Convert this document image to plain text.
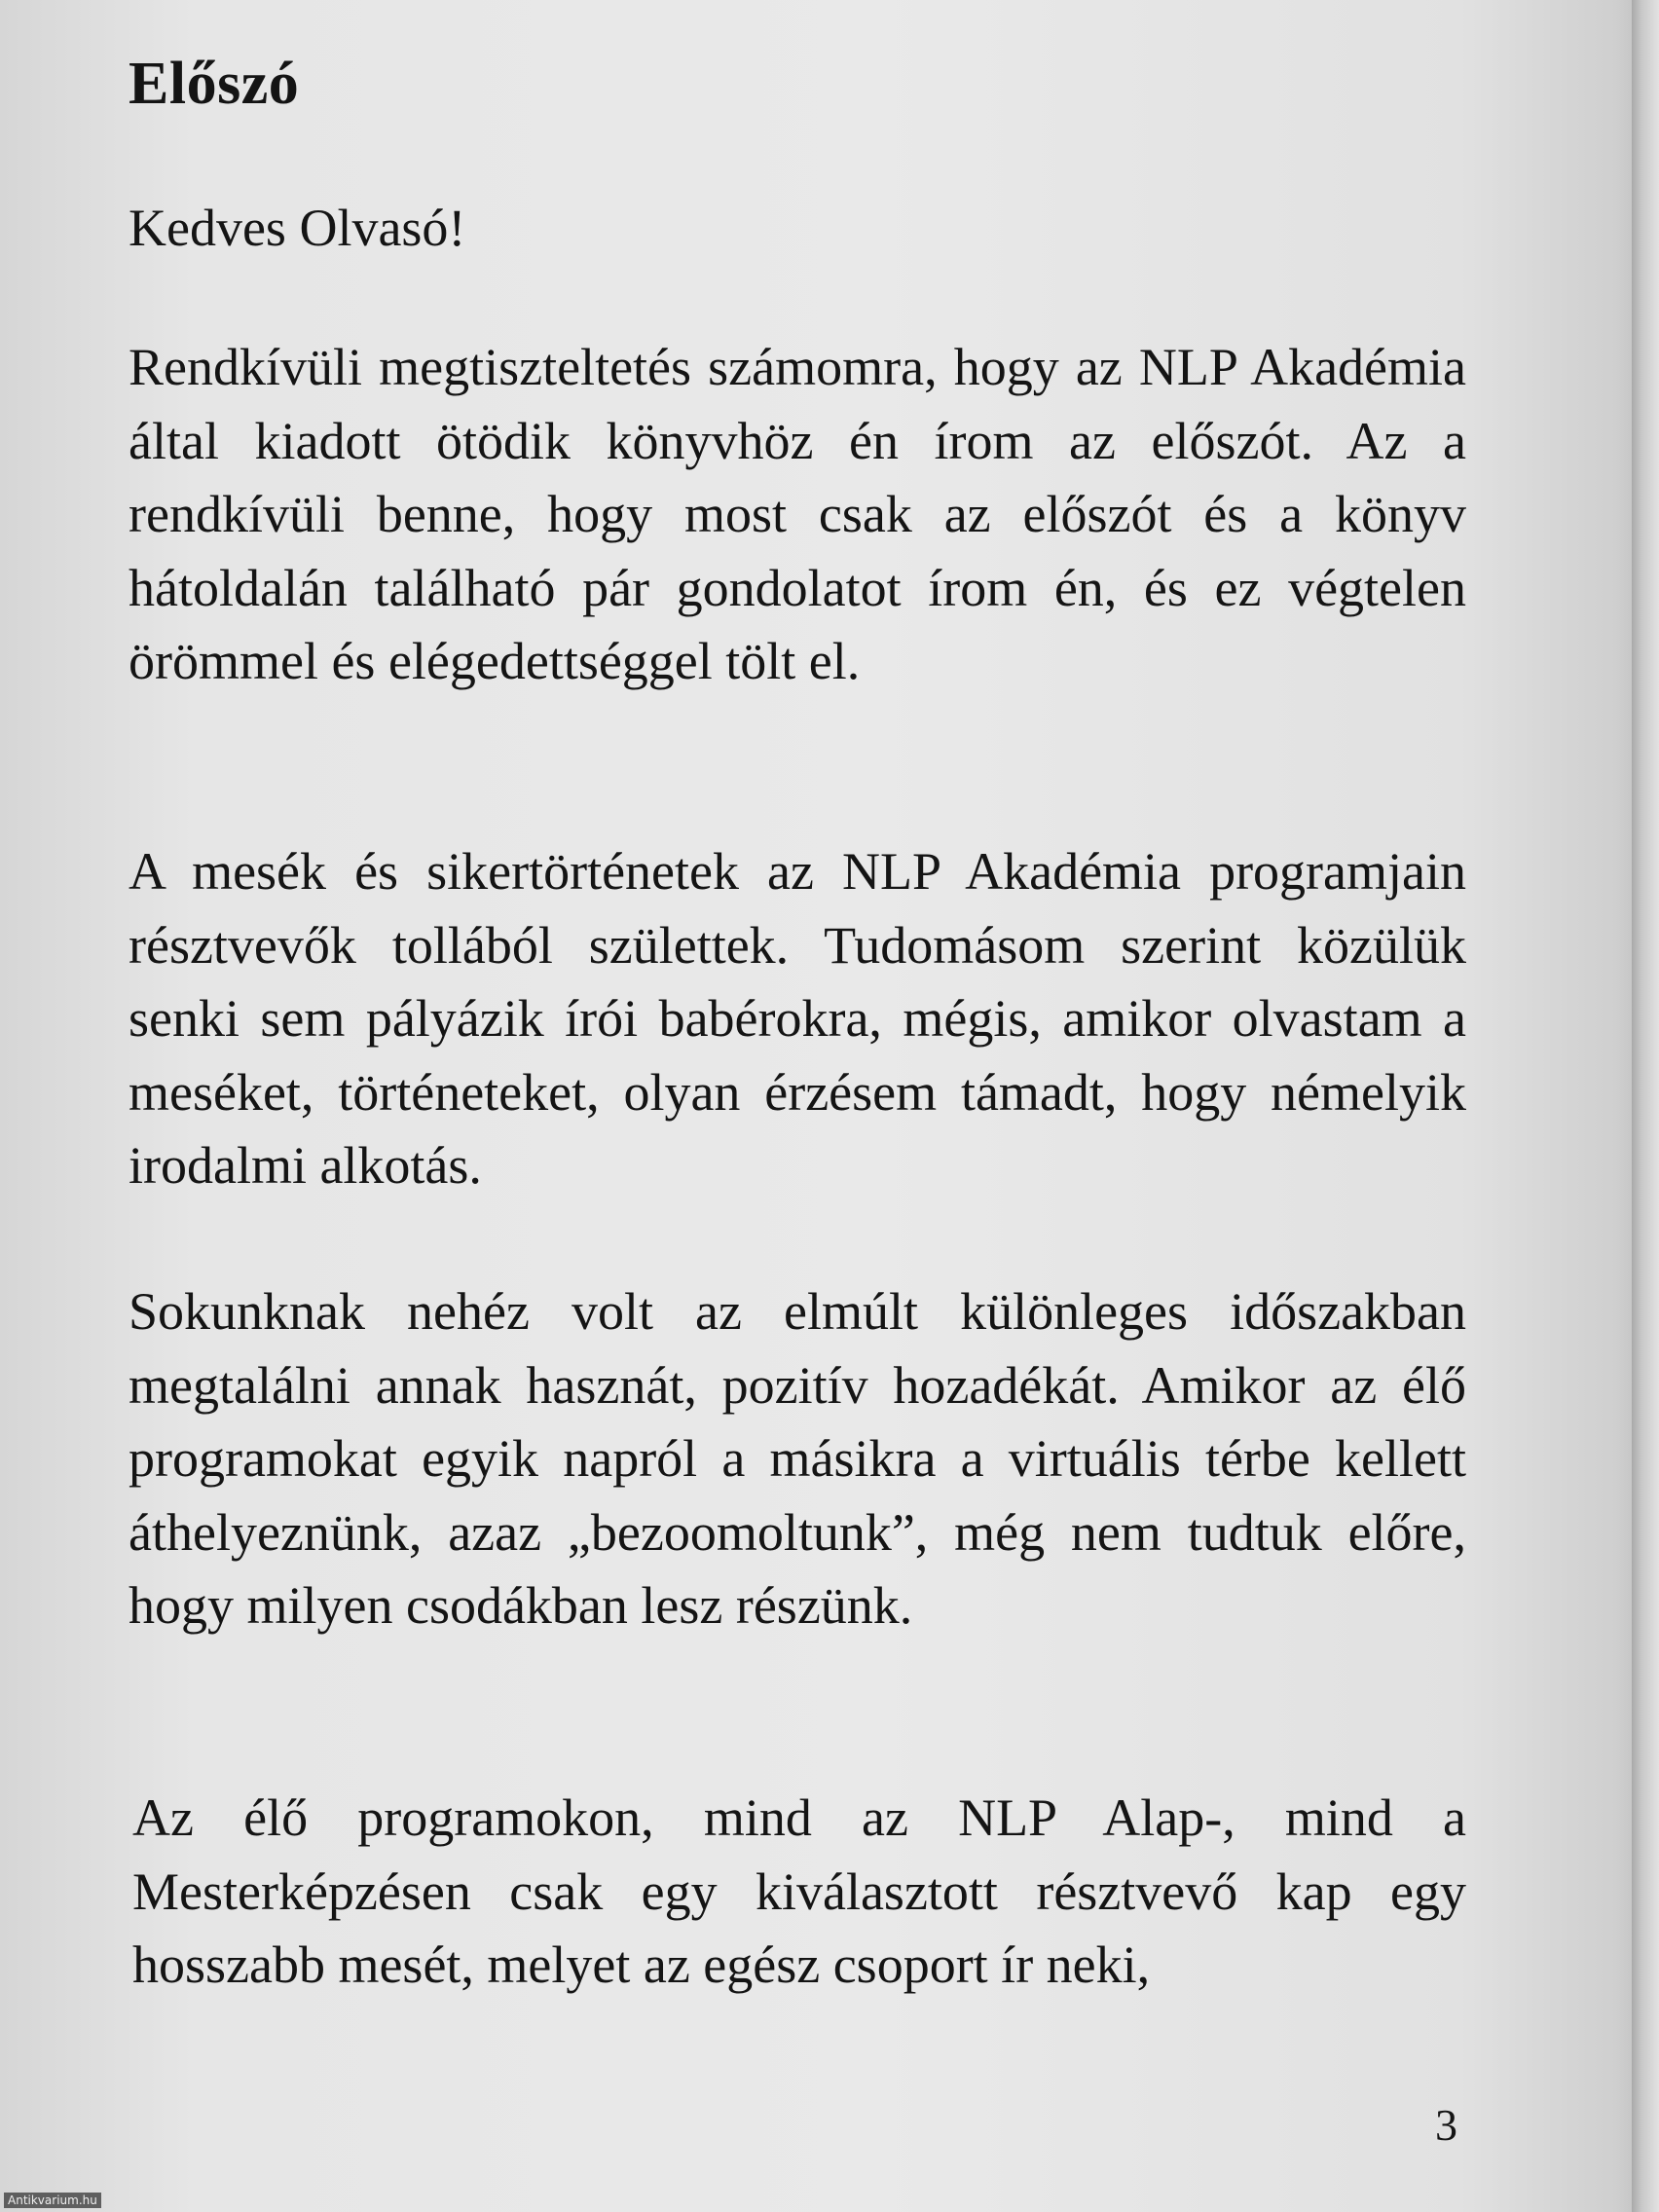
Előszó
Kedves Olvasó!
Rendkívüli megtiszteltetés számomra, hogy az NLP Akadémia által kiadott ötödik könyvhöz én írom az előszót. Az a rendkívüli benne, hogy most csak az előszót és a könyv hátoldalán található pár gondolatot írom én, és ez végtelen örömmel és elégedettséggel tölt el.
A mesék és sikertörténetek az NLP Akadémia programjain résztvevők tollából születtek. Tudomásom szerint közülük senki sem pályázik írói babérokra, mégis, amikor olvastam a meséket, történeteket, olyan érzésem támadt, hogy némelyik irodalmi alkotás.
Sokunknak nehéz volt az elmúlt különleges időszakban megtalálni annak hasznát, pozitív hozadékát. Amikor az élő programokat egyik napról a másikra a virtuális térbe kellett áthelyeznünk, azaz „bezoomoltunk”, még nem tudtuk előre, hogy milyen csodákban lesz részünk.
Az élő programokon, mind az NLP Alap-, mind a Mesterképzésen csak egy kiválasztott résztvevő kap egy hosszabb mesét, melyet az egész csoport ír neki,
3
Antikvarium.hu
